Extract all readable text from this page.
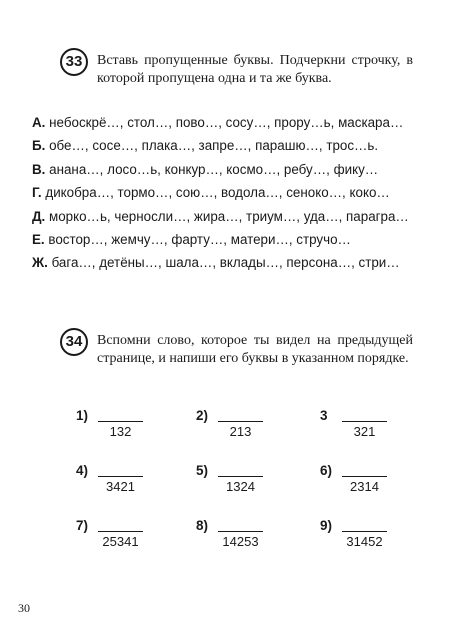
33	Вставь пропущенные буквы. Подчеркни строчку, в которой пропущена одна и та же буква.
А. небоскрё…, стол…, пово…, сосу…, прору…ь, маскара…
Б. обе…, сосе…, плака…, запре…, парашю…, трос…ь.
В. анана…, лосо…ь, конкур…, космо…, ребу…, фику…
Г. дикобра…, тормо…, сою…, водола…, сеноко…, коко…
Д. морко…ь, черносли…, жира…, триум…, уда…, парагра…
Е. востор…, жемчу…, фарту…, матери…, стручо…
Ж. бага…, детёны…, шала…, вклады…, персона…, стри…
34	Вспомни слово, которое ты видел на предыдущей странице, и напиши его буквы в указанном порядке.
1)
132
2)
213
3
321
4)
3421
5)
1324
6)
2314
7)
25341
8)
14253
9)
31452
30
